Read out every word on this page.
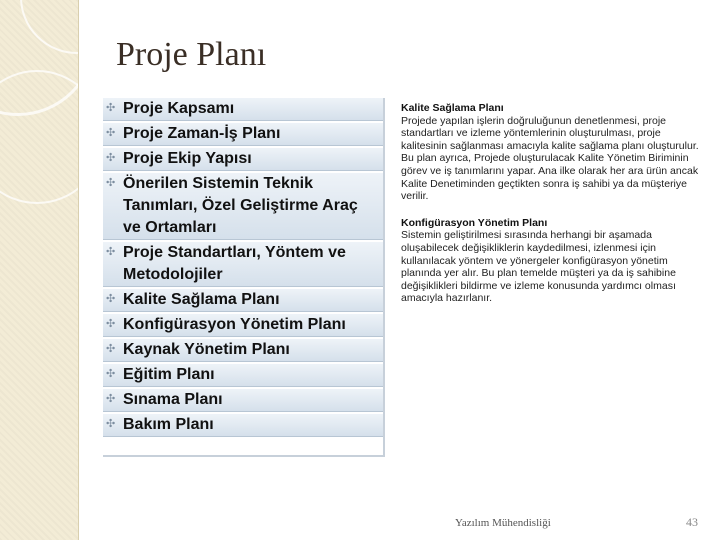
Proje Planı
✣ Proje Kapsamı
✣ Proje Zaman-İş Planı
✣ Proje Ekip Yapısı
✣ Önerilen Sistemin Teknik Tanımları, Özel Geliştirme Araç ve Ortamları
✣ Proje Standartları, Yöntem ve Metodolojiler
✣ Kalite Sağlama Planı
✣ Konfigürasyon Yönetim Planı
✣ Kaynak Yönetim Planı
✣ Eğitim Planı
✣ Sınama Planı
✣ Bakım Planı
Kalite Sağlama Planı

Projede yapılan işlerin doğruluğunun denetlenmesi, proje standartları ve izleme yöntemlerinin oluşturulması, proje kalitesinin sağlanması amacıyla kalite sağlama planı oluşturulur. Bu plan ayrıca, Projede oluşturulacak Kalite Yönetim Biriminin görev ve iş tanımlarını yapar. Ana ilke olarak her ara ürün ancak Kalite Denetiminden geçtikten sonra iş sahibi ya da müşteriye verilir.

Konfigürasyon Yönetim Planı

Sistemin geliştirilmesi sırasında herhangi bir aşamada oluşabilecek değişikliklerin kaydedilmesi, izlenmesi için kullanılacak yöntem ve yönergeler konfigürasyon yönetim planında yer alır. Bu plan temelde müşteri ya da iş sahibine değişiklikleri bildirme ve izleme konusunda yardımcı olması amacıyla hazırlanır.

Yazılım Mühendisliği	43
